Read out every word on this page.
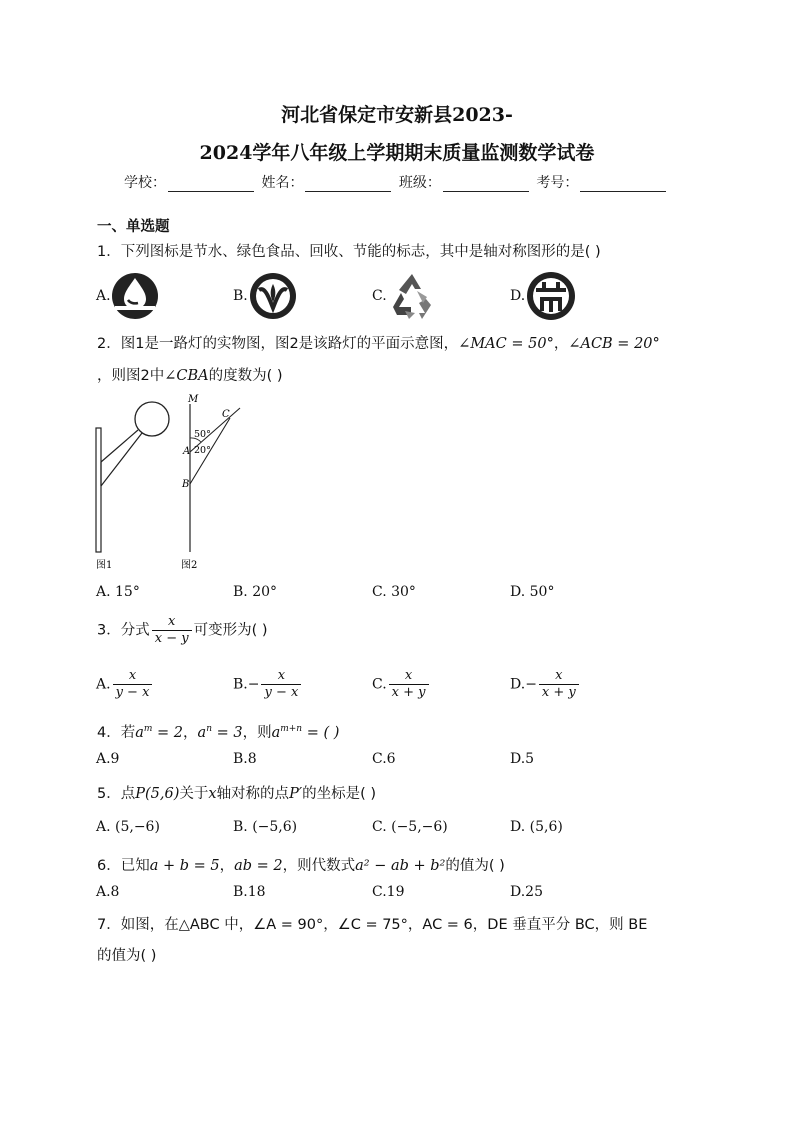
河北省保定市安新县2023-
2024学年八年级上学期期末质量监测数学试卷
学校：	姓名：	班级：	考号：
一、单选题
1．下列图标是节水、绿色食品、回收、节能的标志，其中是轴对称图形的是( )
A.	B.	C.	D.
2．图1是一路灯的实物图，图2是该路灯的平面示意图，∠MAC = 50°，∠ACB = 20°
，则图2中∠CBA的度数为( )
图1
M
C
A
B
50°
20°
图2
A. 15°	B. 20°	C. 30°	D. 50°
3．分式 $\frac{x}{x - y}$ 可变形为( )
A. $\frac{x}{y - x}$	$B.- \frac{x}{y - x}$	C. $\frac{x}{x + y}$	$D.- \frac{x}{x + y}$
4．若$a^m = 2$，$a^n = 3$，则$a^{m+n}$ = ( )
A.9	B.8	C.6	D.5
5．点P(5,6)关于x轴对称的点P′的坐标是( )
A. (5,−6)	B. (−5,6)	C. (−5,−6)	D. (5,6)
6．已知a + b = 5，ab = 2，则代数式a² − ab + b²的值为( )
A.8	B.18	C.19	D.25
7．如图，在△ABC 中，∠A = 90°，∠C = 75°，AC = 6，DE 垂直平分 BC，则 BE
的值为( )
